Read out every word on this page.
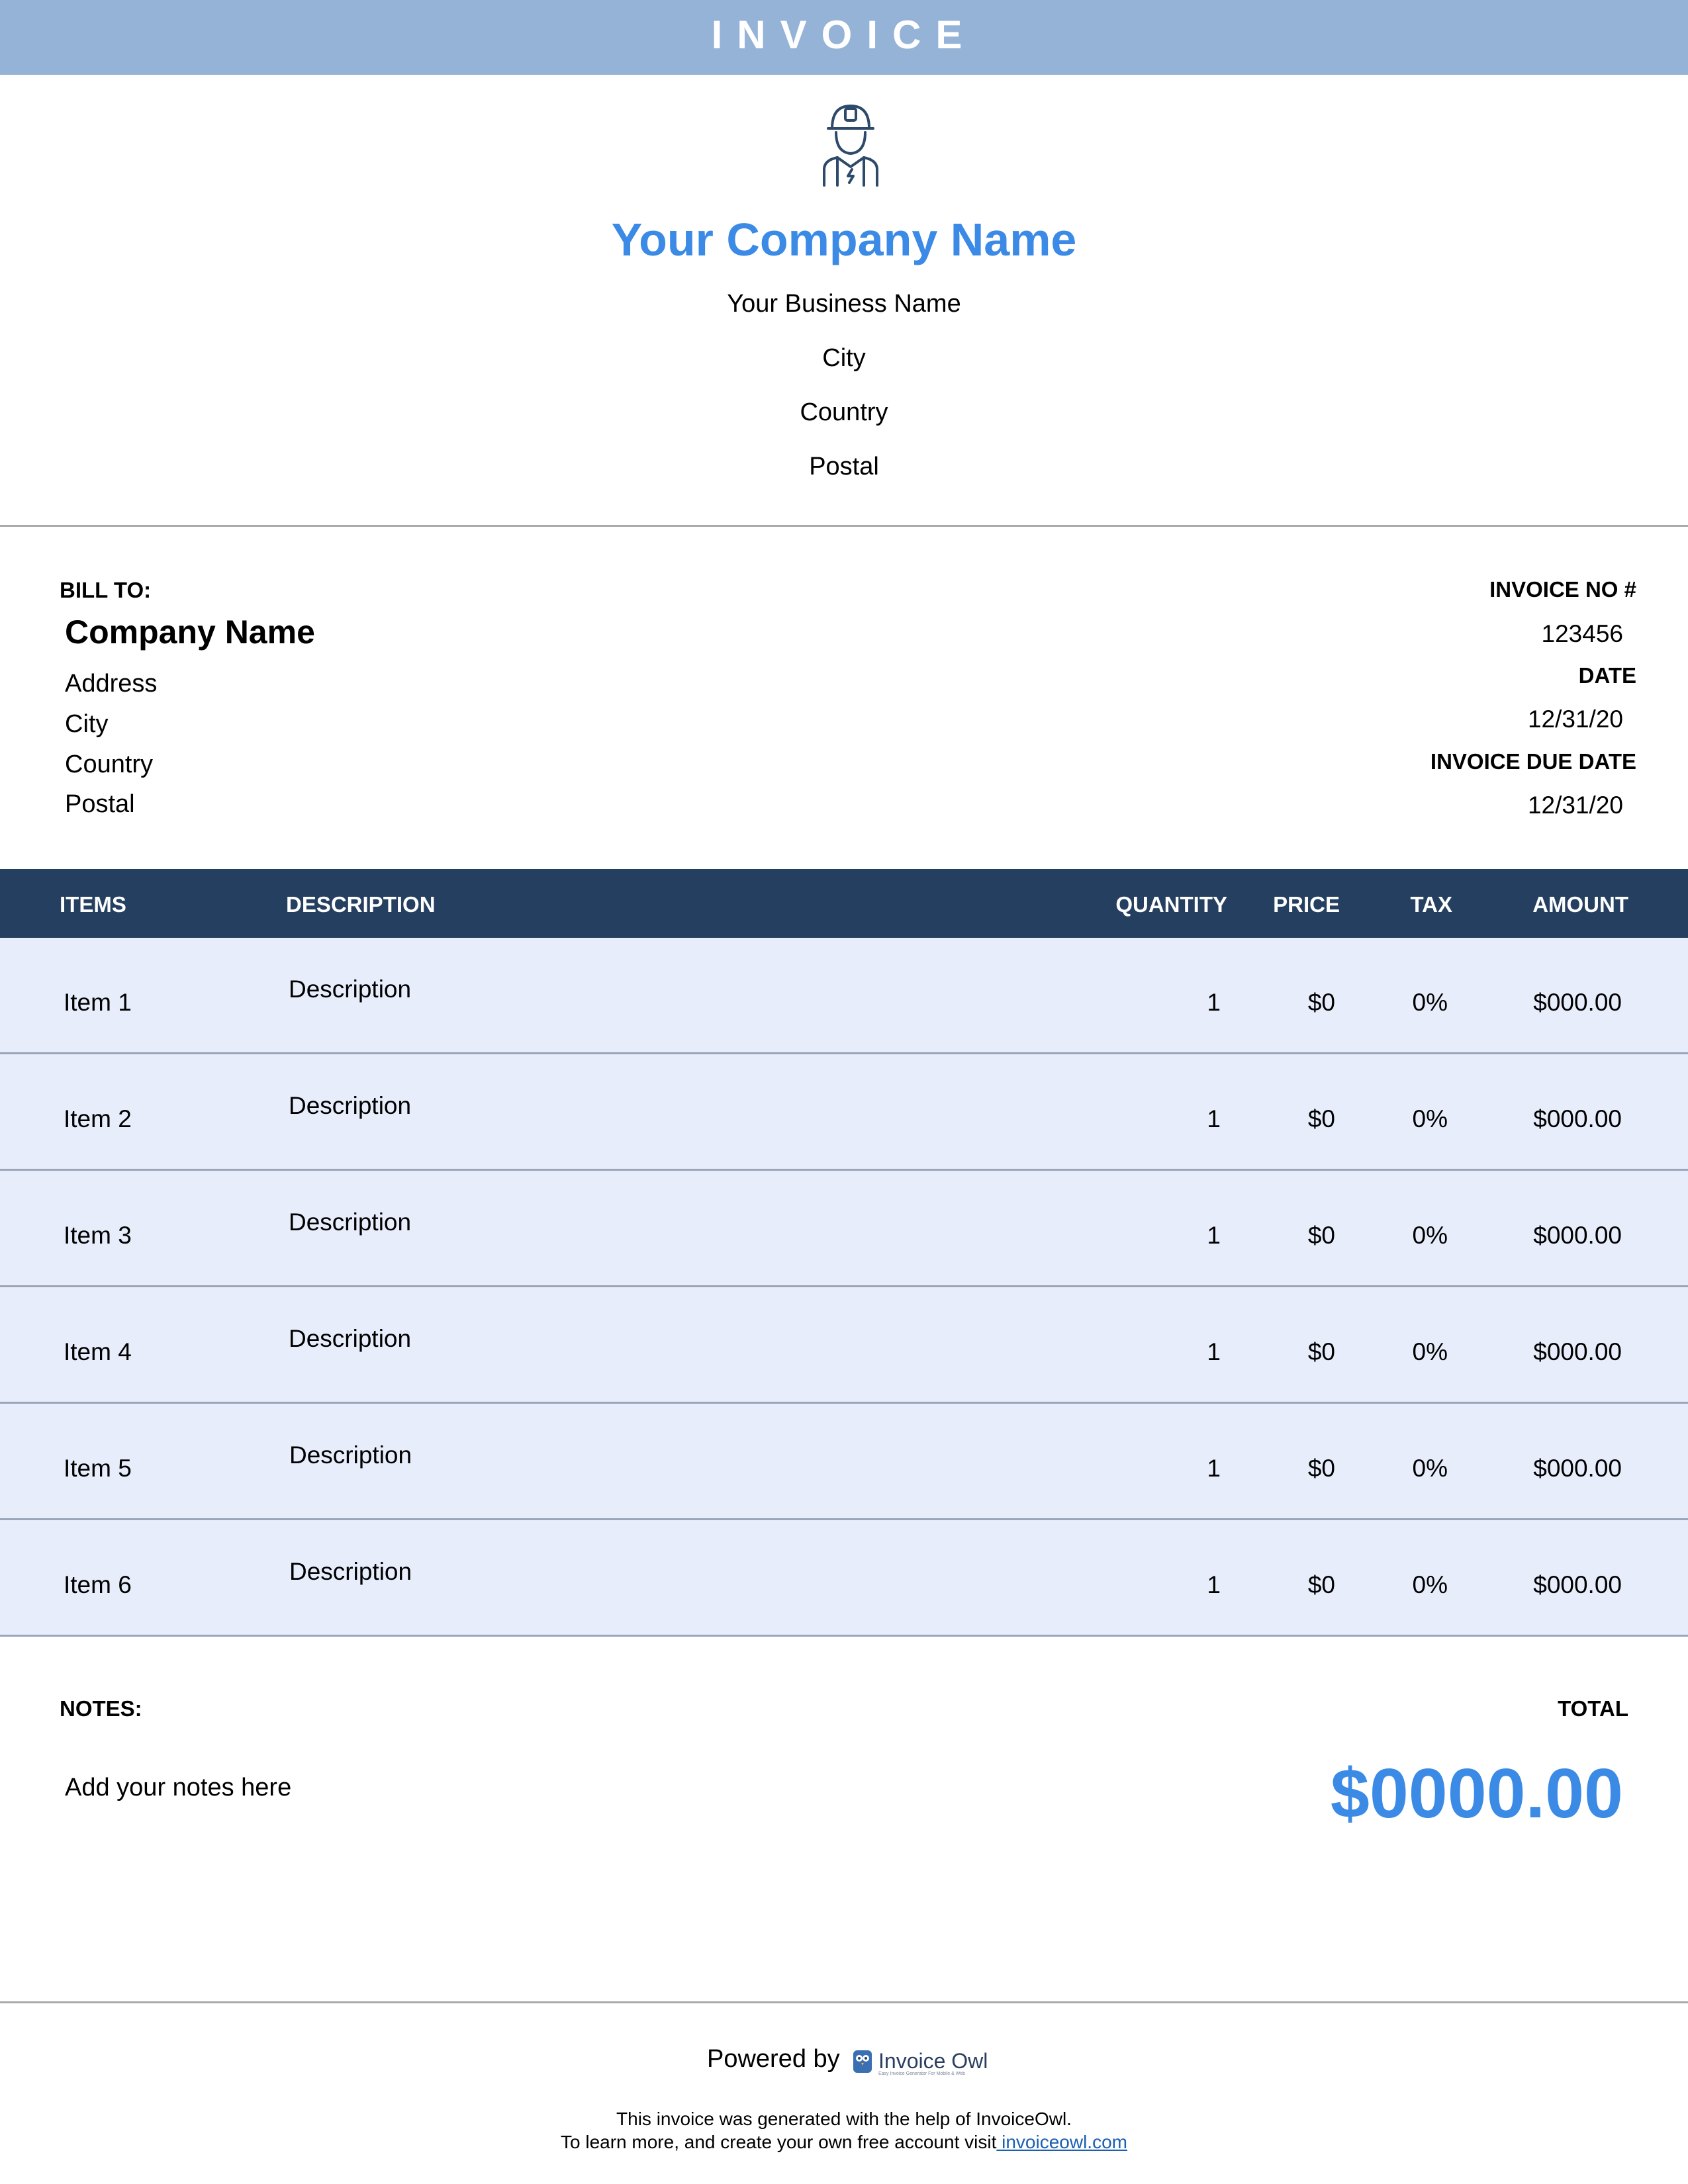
INVOICE
Your Company Name
Your Business Name
City
Country
Postal
BILL TO:
Company Name
Address
City
Country
Postal
INVOICE NO #
123456
DATE
12/31/20
INVOICE DUE DATE
12/31/20
ITEMS	DESCRIPTION	QUANTITY PRICE	TAX	AMOUNT
Item 1	Description	1	$0	0%	$000.00
Item 2	Description	1	$0	0%	$000.00
Item 3	Description	1	$0	0%	$000.00
Item 4	Description	1	$0	0%	$000.00
Item 5	Description	1	$0	0%	$000.00
Item 6	Description	1	$0	0%	$000.00
NOTES:
Add your notes here
TOTAL
$0000.00
Powered by Invoice Owl
Easy Invoice Generator For Mobile & Web
This invoice was generated with the help of InvoiceOwl.
To learn more, and create your own free account visit invoiceowl.com
